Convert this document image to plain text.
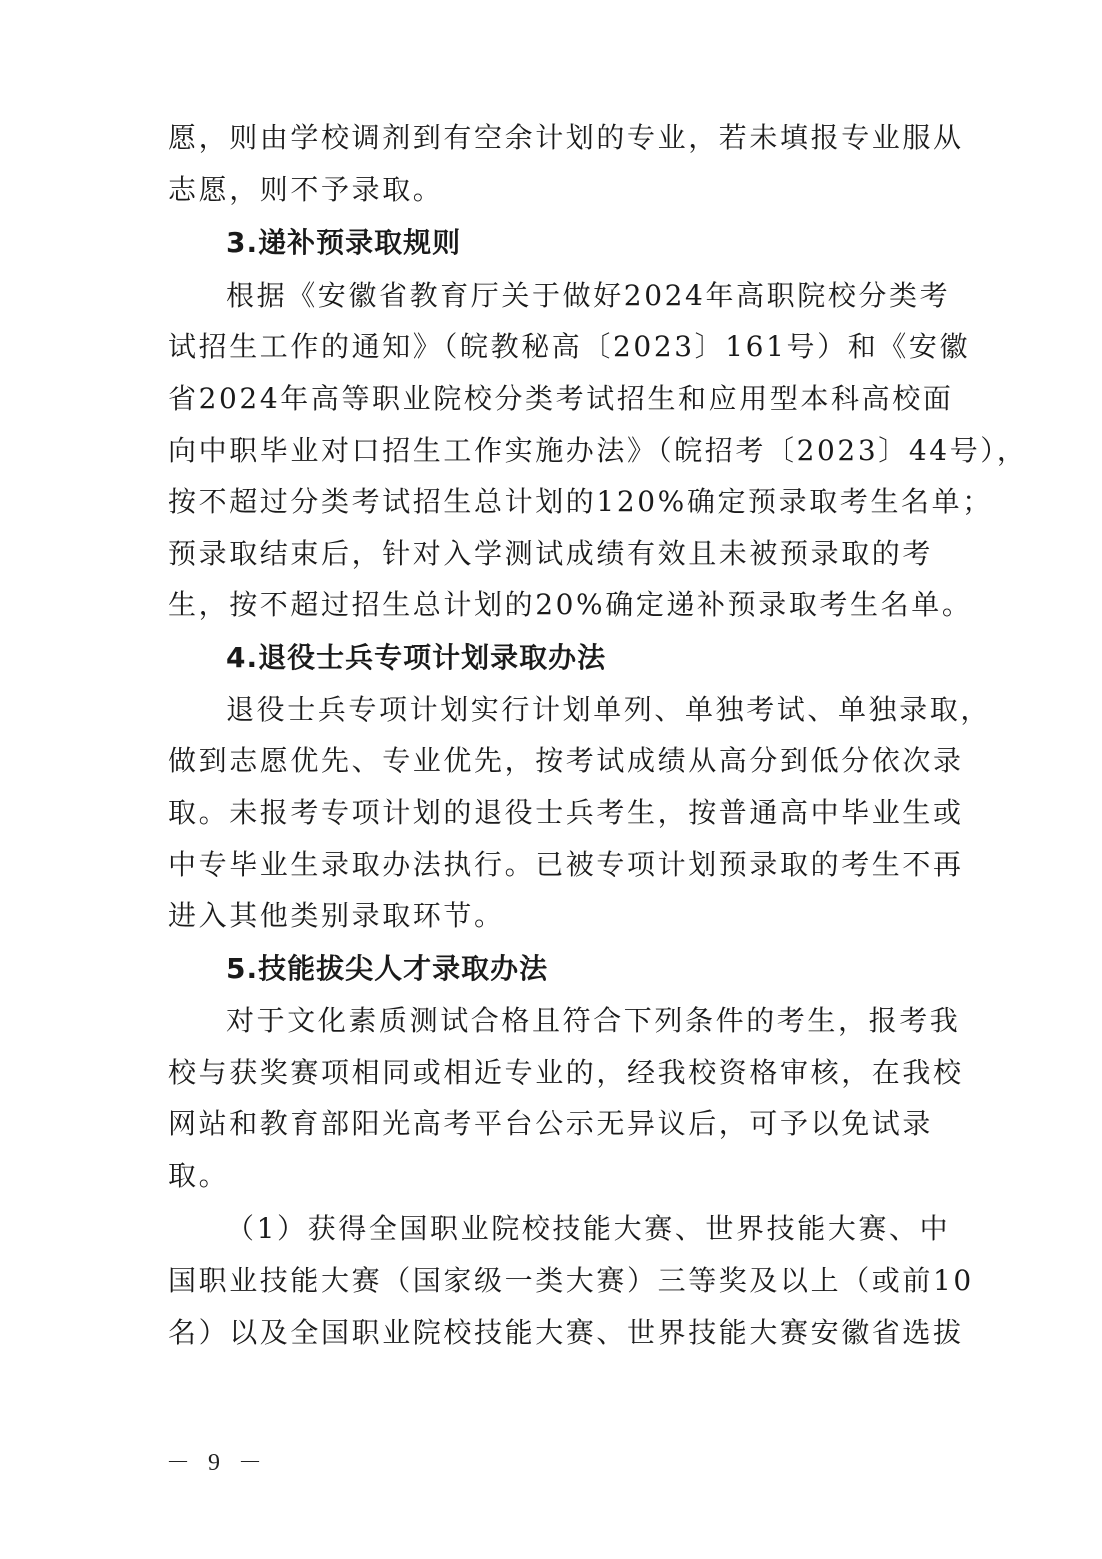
愿，则由学校调剂到有空余计划的专业，若未填报专业服从
志愿，则不予录取。
3.递补预录取规则
根据《安徽省教育厅关于做好2024年高职院校分类考
试招生工作的通知》（皖教秘高〔2023〕161号）和《安徽
省2024年高等职业院校分类考试招生和应用型本科高校面
向中职毕业对口招生工作实施办法》（皖招考〔2023〕44号），
按不超过分类考试招生总计划的120%确定预录取考生名单；
预录取结束后，针对入学测试成绩有效且未被预录取的考
生，按不超过招生总计划的20%确定递补预录取考生名单。
4.退役士兵专项计划录取办法
退役士兵专项计划实行计划单列、单独考试、单独录取，
做到志愿优先、专业优先，按考试成绩从高分到低分依次录
取。未报考专项计划的退役士兵考生，按普通高中毕业生或
中专毕业生录取办法执行。已被专项计划预录取的考生不再
进入其他类别录取环节。
5.技能拔尖人才录取办法
对于文化素质测试合格且符合下列条件的考生，报考我
校与获奖赛项相同或相近专业的，经我校资格审核，在我校
网站和教育部阳光高考平台公示无异议后，可予以免试录
取。
（1）获得全国职业院校技能大赛、世界技能大赛、中
国职业技能大赛（国家级一类大赛）三等奖及以上（或前10
名）以及全国职业院校技能大赛、世界技能大赛安徽省选拔
－ 9 －
